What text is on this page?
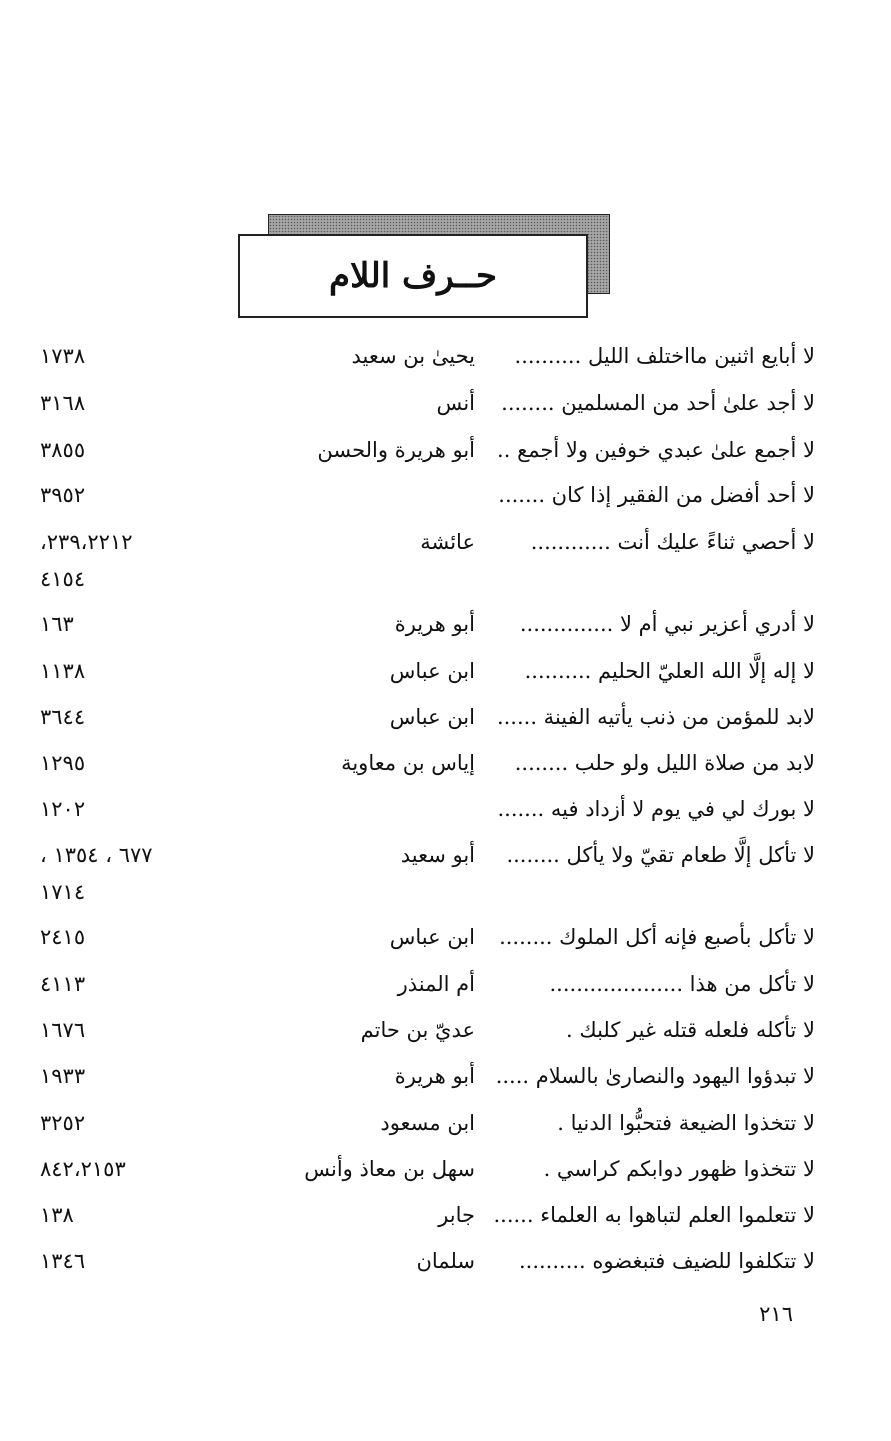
حــرف اللام
لا أبايع اثنين مااختلف الليل ..........
يحيىٰ بن سعيد
١٧٣٨
لا أجد علىٰ أحد من المسلمين ........
أنس
٣١٦٨
لا أجمع علىٰ عبدي خوفين ولا أجمع ..
أبو هريرة والحسن
٣٨٥٥
لا أحد أفضل من الفقير إذا كان .......
٣٩٥٢
لا أحصي ثناءً عليك أنت ............
عائشة
٢٣٩،٢٢١٢،
٤١٥٤
لا أدري أعزير نبي أم لا ..............
أبو هريرة
١٦٣
لا إله إلَّا الله العليّ الحليم ..........
ابن عباس
١١٣٨
لابد للمؤمن من ذنب يأتيه الفينة ......
ابن عباس
٣٦٤٤
لابد من صلاة الليل ولو حلب ........
إياس بن معاوية
١٢٩٥
لا بورك لي في يوم لا أزداد فيه .......
١٢٠٢
لا تأكل إلَّا طعام تقيّ ولا يأكل ........
أبو سعيد
٦٧٧ ، ١٣٥٤ ،
١٧١٤
لا تأكل بأصبع فإنه أكل الملوك ........
ابن عباس
٢٤١٥
لا تأكل من هذا ....................
أم المنذر
٤١١٣
لا تأكله فلعله قتله غير كلبك .
عديّ بن حاتم
١٦٧٦
لا تبدؤوا اليهود والنصارىٰ بالسلام .....
أبو هريرة
١٩٣٣
لا تتخذوا الضيعة فتحبُّوا الدنيا .
ابن مسعود
٣٢٥٢
لا تتخذوا ظهور دوابكم كراسي .
سهل بن معاذ وأنس
٨٤٢،٢١٥٣
لا تتعلموا العلم لتباهوا به العلماء ......
جابر
١٣٨
لا تتكلفوا للضيف فتبغضوه ..........
سلمان
١٣٤٦
٢١٦
